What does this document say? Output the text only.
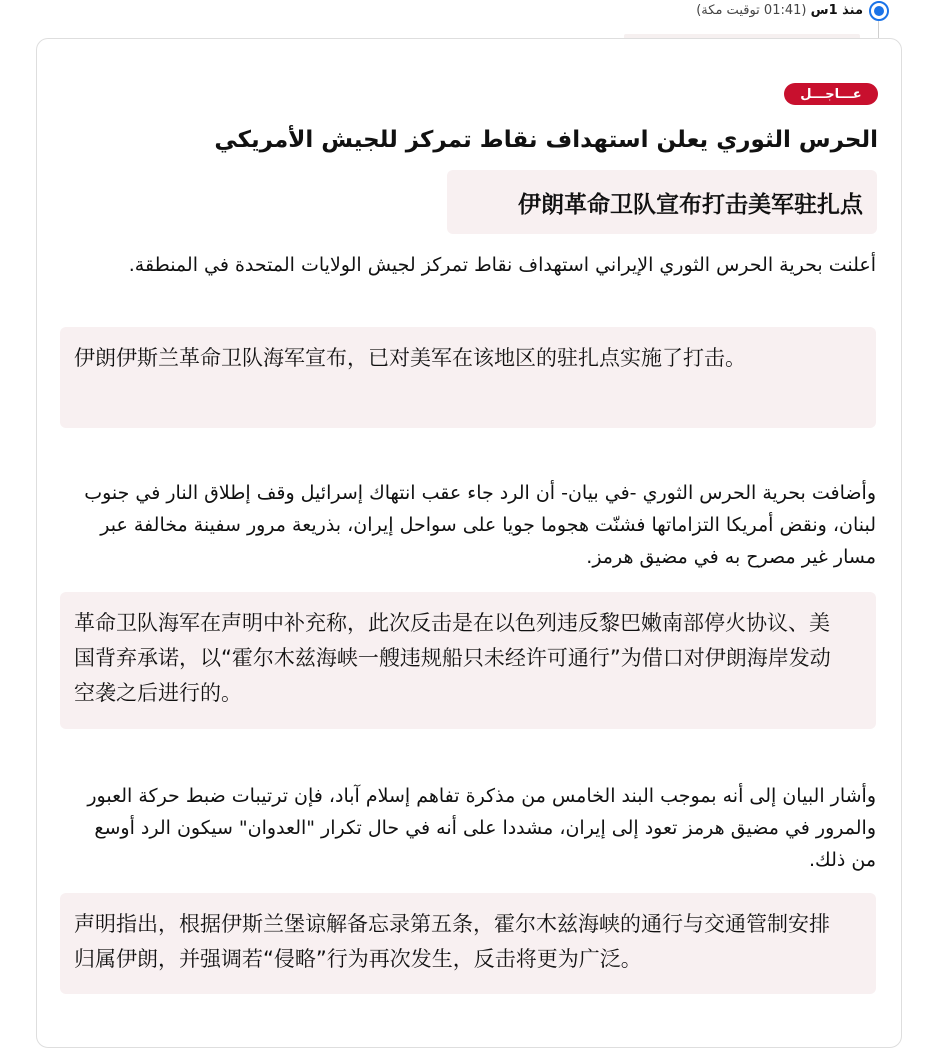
منذ 1س (01:41 توقيت مكة)
عـــاجـــل
الحرس الثوري يعلن استهداف نقاط تمركز للجيش الأمريكي
伊朗革命卫队宣布打击美军驻扎点
أعلنت بحرية الحرس الثوري الإيراني استهداف نقاط تمركز لجيش الولايات المتحدة في المنطقة.
伊朗伊斯兰革命卫队海军宣布，已对美军在该地区的驻扎点实施了打击。
وأضافت بحرية الحرس الثوري -في بيان- أن الرد جاء عقب انتهاك إسرائيل وقف إطلاق النار في جنوب لبنان، ونقض أمريكا التزاماتها فشنّت هجوما جويا على سواحل إيران، بذريعة مرور سفينة مخالفة عبر مسار غير مصرح به في مضيق هرمز.
革命卫队海军在声明中补充称，此次反击是在以色列违反黎巴嫩南部停火协议、美国背弃承诺，以“霍尔木兹海峡一艘违规船只未经许可通行”为借口对伊朗海岸发动空袭之后进行的。
وأشار البيان إلى أنه بموجب البند الخامس من مذكرة تفاهم إسلام آباد، فإن ترتيبات ضبط حركة العبور والمرور في مضيق هرمز تعود إلى إيران، مشددا على أنه في حال تكرار "العدوان" سيكون الرد أوسع من ذلك.
声明指出，根据伊斯兰堡谅解备忘录第五条，霍尔木兹海峡的通行与交通管制安排归属伊朗，并强调若“侵略”行为再次发生，反击将更为广泛。
